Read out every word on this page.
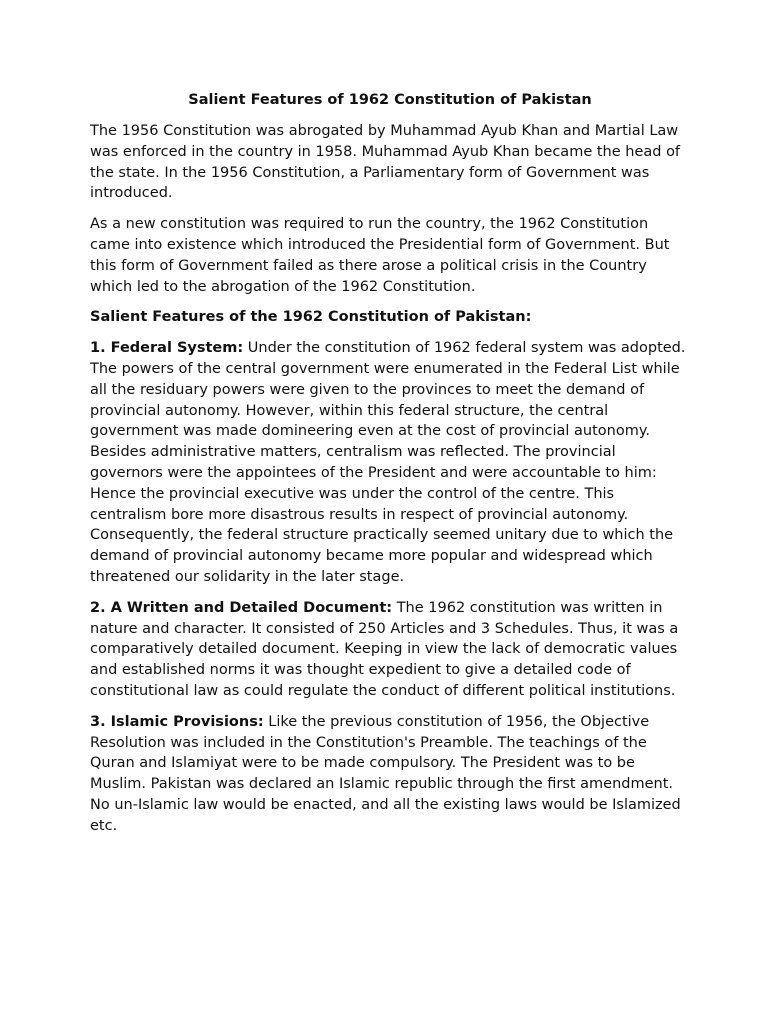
Salient Features of 1962 Constitution of Pakistan

The 1956 Constitution was abrogated by Muhammad Ayub Khan and Martial Law was enforced in the country in 1958. Muhammad Ayub Khan became the head of the state. In the 1956 Constitution, a Parliamentary form of Government was introduced.

As a new constitution was required to run the country, the 1962 Constitution came into existence which introduced the Presidential form of Government. But this form of Government failed as there arose a political crisis in the Country which led to the abrogation of the 1962 Constitution.

Salient Features of the 1962 Constitution of Pakistan:

1. Federal System: Under the constitution of 1962 federal system was adopted. The powers of the central government were enumerated in the Federal List while all the residuary powers were given to the provinces to meet the demand of provincial autonomy. However, within this federal structure, the central government was made domineering even at the cost of provincial autonomy. Besides administrative matters, centralism was reflected. The provincial governors were the appointees of the President and were accountable to him: Hence the provincial executive was under the control of the centre. This centralism bore more disastrous results in respect of provincial autonomy. Consequently, the federal structure practically seemed unitary due to which the demand of provincial autonomy became more popular and widespread which threatened our solidarity in the later stage.

2. A Written and Detailed Document: The 1962 constitution was written in nature and character. It consisted of 250 Articles and 3 Schedules. Thus, it was a comparatively detailed document. Keeping in view the lack of democratic values and established norms it was thought expedient to give a detailed code of constitutional law as could regulate the conduct of different political institutions.

3. Islamic Provisions: Like the previous constitution of 1956, the Objective Resolution was included in the Constitution's Preamble. The teachings of the Quran and Islamiyat were to be made compulsory. The President was to be Muslim. Pakistan was declared an Islamic republic through the first amendment. No un-Islamic law would be enacted, and all the existing laws would be Islamized etc.
